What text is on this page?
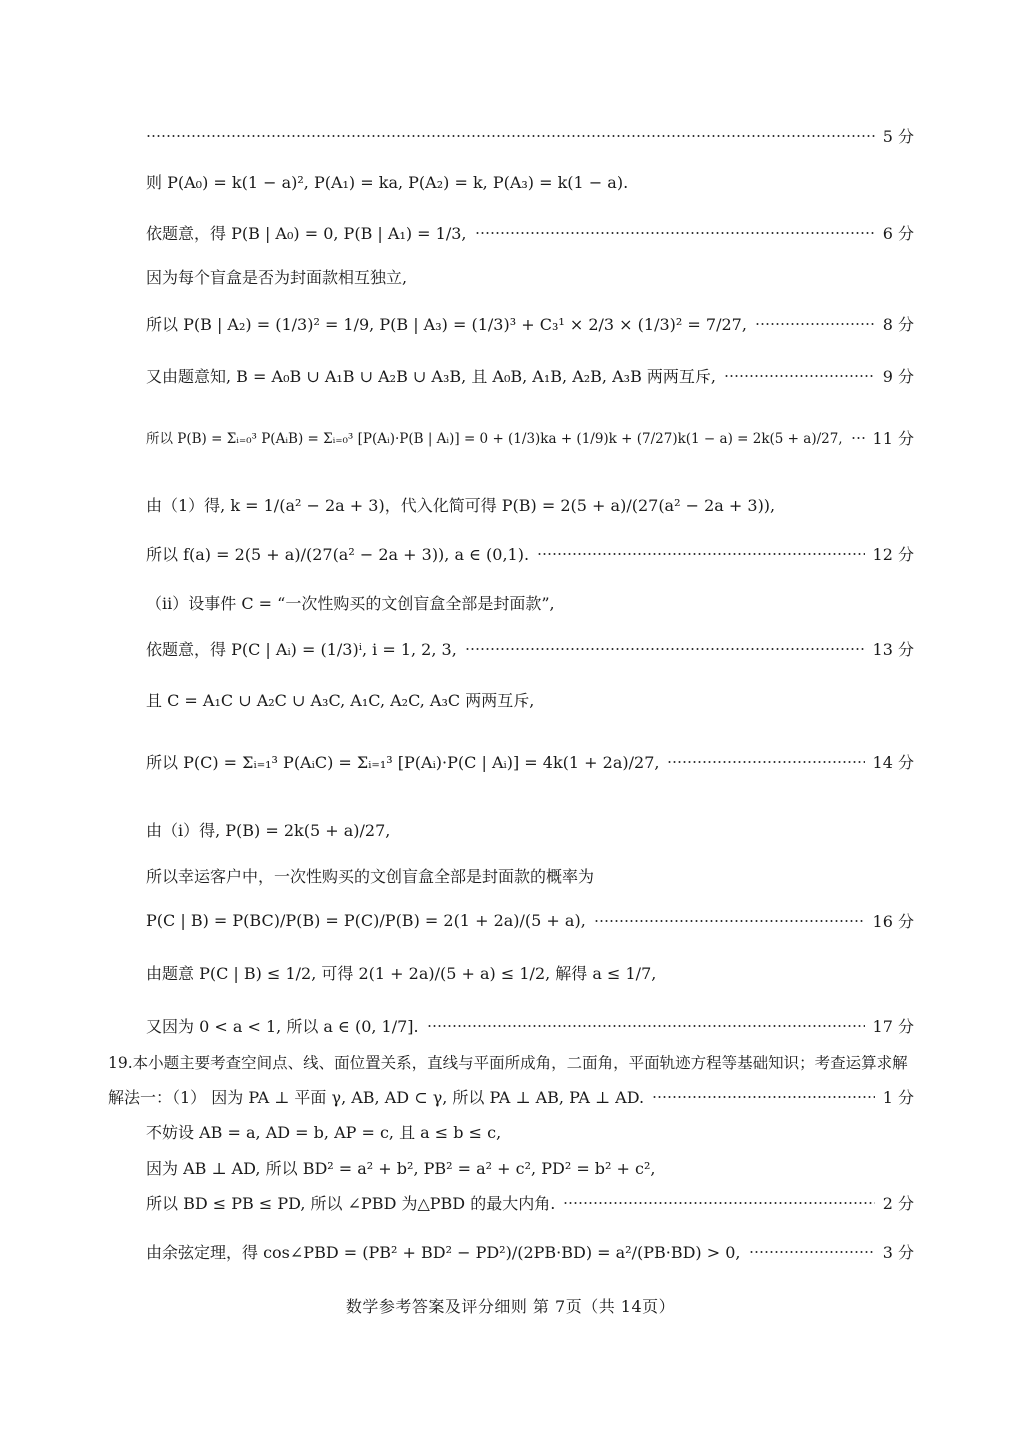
5 分
则 P(A₀) = k(1 − a)², P(A₁) = ka, P(A₂) = k, P(A₃) = k(1 − a).
依题意，得 P(B | A₀) = 0, P(B | A₁) = 1/3,	6 分
因为每个盲盒是否为封面款相互独立,
所以 P(B | A₂) = (1/3)² = 1/9, P(B | A₃) = (1/3)³ + C₃¹ × 2/3 × (1/3)² = 7/27,	8 分
又由题意知, B = A₀B ∪ A₁B ∪ A₂B ∪ A₃B, 且 A₀B, A₁B, A₂B, A₃B 两两互斥,	9 分
所以 P(B) = Σᵢ₌₀³ P(AᵢB) = Σᵢ₌₀³ [P(Aᵢ)·P(B | Aᵢ)] = 0 + (1/3)ka + (1/9)k + (7/27)k(1 − a) = 2k(5 + a)/27, 11 分
由（1）得, k = 1/(a² − 2a + 3)，代入化简可得 P(B) = 2(5 + a)/(27(a² − 2a + 3)),
所以 f(a) = 2(5 + a)/(27(a² − 2a + 3)), a ∈ (0,1).	12 分
（ii）设事件 C = “一次性购买的文创盲盒全部是封面款”,
依题意，得 P(C | Aᵢ) = (1/3)ⁱ, i = 1, 2, 3,	13 分
且 C = A₁C ∪ A₂C ∪ A₃C, A₁C, A₂C, A₃C 两两互斥,
所以 P(C) = Σᵢ₌₁³ P(AᵢC) = Σᵢ₌₁³ [P(Aᵢ)·P(C | Aᵢ)] = 4k(1 + 2a)/27,	14 分
由（i）得, P(B) = 2k(5 + a)/27,
所以幸运客户中，一次性购买的文创盲盒全部是封面款的概率为
P(C | B) = P(BC)/P(B) = P(C)/P(B) = 2(1 + 2a)/(5 + a),	16 分
由题意 P(C | B) ≤ 1/2, 可得 2(1 + 2a)/(5 + a) ≤ 1/2, 解得 a ≤ 1/7,
又因为 0 < a < 1, 所以 a ∈ (0, 1/7].	17 分
19.本小题主要考查空间点、线、面位置关系，直线与平面所成角，二面角，平面轨迹方程等基础知识；考查运算求解
解法一：（1） 因为 PA ⊥ 平面 γ, AB, AD ⊂ γ, 所以 PA ⊥ AB, PA ⊥ AD.	1 分
不妨设 AB = a, AD = b, AP = c, 且 a ≤ b ≤ c,
因为 AB ⊥ AD, 所以 BD² = a² + b², PB² = a² + c², PD² = b² + c²,
所以 BD ≤ PB ≤ PD, 所以 ∠PBD 为△PBD 的最大内角.	2 分
由余弦定理，得 cos∠PBD = (PB² + BD² − PD²)/(2PB·BD) = a²/(PB·BD) > 0,	3 分
数学参考答案及评分细则 第 7页（共 14页）
